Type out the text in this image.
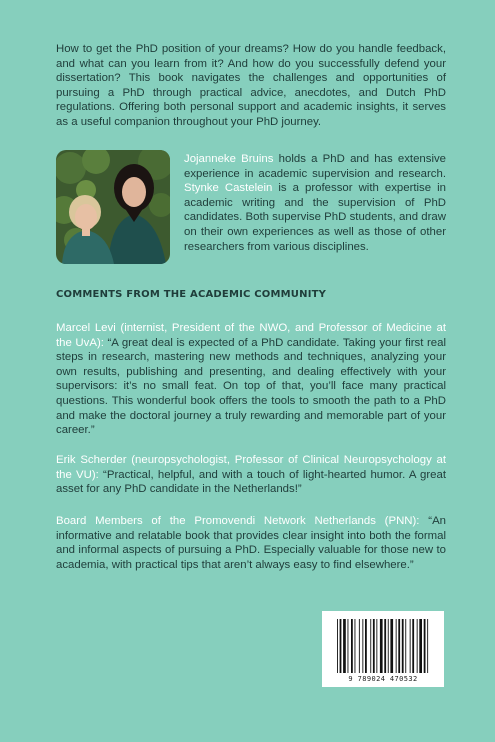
How to get the PhD position of your dreams? How do you handle feedback, and what can you learn from it? And how do you successfully defend your dissertation? This book navigates the challenges and opportunities of pursuing a PhD through practical advice, anecdotes, and Dutch PhD regulations. Offering both personal support and academic insights, it serves as a useful companion throughout your PhD journey.

Jojanneke Bruins holds a PhD and has extensive experience in academic supervision and research. Stynke Castelein is a professor with expertise in academic writing and the supervision of PhD candidates. Both supervise PhD students, and draw on their own experiences as well as those of other researchers from various disciplines.

COMMENTS FROM THE ACADEMIC COMMUNITY

Marcel Levi (internist, President of the NWO, and Professor of Medicine at the UvA): “A great deal is expected of a PhD candidate. Taking your first real steps in research, mastering new methods and techniques, analyzing your own results, publishing and presenting, and dealing effectively with your supervisors: it’s no small feat. On top of that, you’ll face many practical questions. This wonderful book offers the tools to smooth the path to a PhD and make the doctoral journey a truly rewarding and memorable part of your career.”

Erik Scherder (neuropsychologist, Professor of Clinical Neuropsychology at the VU): “Practical, helpful, and with a touch of light-hearted humor. A great asset for any PhD candidate in the Netherlands!”

Board Members of the Promovendi Network Netherlands (PNN): “An informative and relatable book that provides clear insight into both the formal and informal aspects of pursuing a PhD. Especially valuable for those new to academia, with practical tips that aren’t always easy to find elsewhere.”

9 789024 470532
